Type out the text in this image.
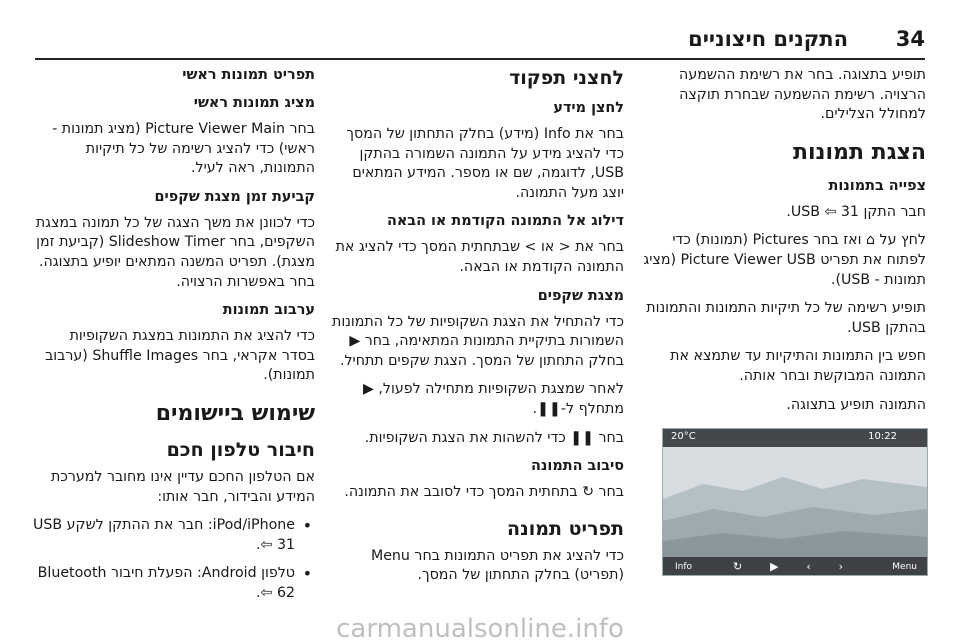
34
התקנים חיצוניים

תופיע בתצוגה. בחר את רשימת ההשמעה הרצויה. רשימת ההשמעה שבחרת תוקצה למחולל הצלילים.

הצגת תמונות
צפייה בתמונות

חבר התקן USB ⇦ 31.

לחץ על ⌂ ואז בחר Pictures (תמונות) כדי לפתוח את תפריט Picture Viewer USB (מציג תמונות - USB).

תופיע רשימה של כל תיקיות התמונות והתמונות בהתקן USB.

חפש בין התמונות והתיקיות עד שתמצא את התמונה המבוקשת ובחר אותה.

התמונה תופיע בתצוגה.

לחצני תפקוד
לחצן מידע

בחר את Info (מידע) בחלק התחתון של המסך כדי להציג מידע על התמונה השמורה בהתקן USB, לדוגמה, שם או מספר. המידע המתאים יוצג מעל התמונה.

דילוג אל התמונה הקודמת או הבאה

בחר את < או > שבתחתית המסך כדי להציג את התמונה הקודמת או הבאה.

מצגת שקפים

כדי להתחיל את הצגת השקופיות של כל התמונות השמורות בתיקיית התמונות המתאימה, בחר ▶ בחלק התחתון של המסך. הצגת שקפים תתחיל.

לאחר שמצגת השקופיות מתחילה לפעול, ▶ מתחלף ל-❚❚.

בחר ❚❚ כדי להשהות את הצגת השקופיות.

סיבוב התמונה

בחר ↻ בתחתית המסך כדי לסובב את התמונה.

תפריט תמונה

כדי להציג את תפריט התמונות בחר Menu (תפריט) בחלק התחתון של המסך.

תפריט תמונות ראשי
מציג תמונות ראשי

בחר Picture Viewer Main (מציג תמונות - ראשי) כדי להציג רשימה של כל תיקיות התמונות, ראה לעיל.

קביעת זמן מצגת שקפים

כדי לכוונן את משך הצגה של כל תמונה במצגת השקפים, בחר Slideshow Timer (קביעת זמן מצגת). תפריט המשנה המתאים יופיע בתצוגה. בחר באפשרות הרצויה.

ערבוב תמונות

כדי להציג את התמונות במצגת השקופיות בסדר אקראי, בחר Shuffle Images (ערבוב תמונות).

שימוש ביישומים
חיבור טלפון חכם

אם הטלפון החכם עדיין אינו מחובר למערכת המידע והבידור, חבר אותו:

• iPod/iPhone: חבר את ההתקן לשקע USB ⇦ 31.
• טלפון Android: הפעלת חיבור Bluetooth ⇦ 62.
20°C	10:22
Info	‹
›
▶
↻	Menu
carmanualsonline.info
